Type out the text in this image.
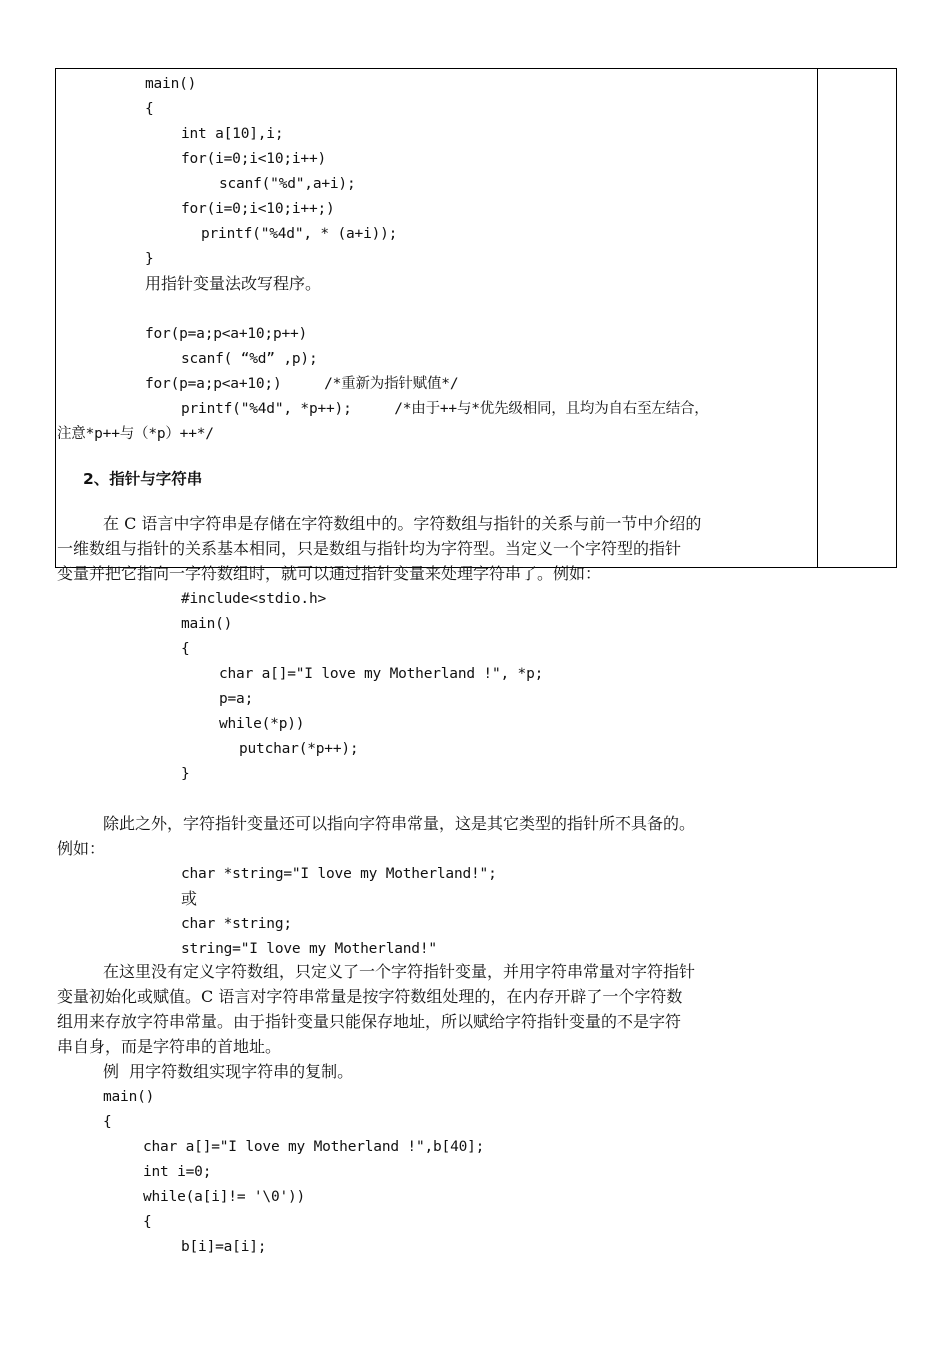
main()
{
int a[10],i;
for(i=0;i<10;i++)
scanf("%d",a+i);
for(i=0;i<10;i++;)
printf("%4d", * (a+i));
}
用指针变量法改写程序。
for(p=a;p<a+10;p++)
scanf( “%d” ,p);
for(p=a;p<a+10;)     /*重新为指针赋值*/
printf("%4d", *p++);     /*由于++与*优先级相同，且均为自右至左结合，
注意*p++与（*p）++*/
2、指针与字符串
在 C 语言中字符串是存储在字符数组中的。字符数组与指针的关系与前一节中介绍的
一维数组与指针的关系基本相同，只是数组与指针均为字符型。当定义一个字符型的指针
变量并把它指向一字符数组时，就可以通过指针变量来处理字符串了。例如：
#include<stdio.h>
main()
{
char a[]="I love my Motherland !", *p;
p=a;
while(*p))
putchar(*p++);
}
除此之外，字符指针变量还可以指向字符串常量，这是其它类型的指针所不具备的。
例如：
char *string="I love my Motherland!";
或
char *string;
string="I love my Motherland!"
在这里没有定义字符数组，只定义了一个字符指针变量，并用字符串常量对字符指针
变量初始化或赋值。C 语言对字符串常量是按字符数组处理的，在内存开辟了一个字符数
组用来存放字符串常量。由于指针变量只能保存地址，所以赋给字符指针变量的不是字符
串自身，而是字符串的首地址。
例  用字符数组实现字符串的复制。
main()
{
char a[]="I love my Motherland !",b[40];
int i=0;
while(a[i]!= '\0'))
{
b[i]=a[i];
